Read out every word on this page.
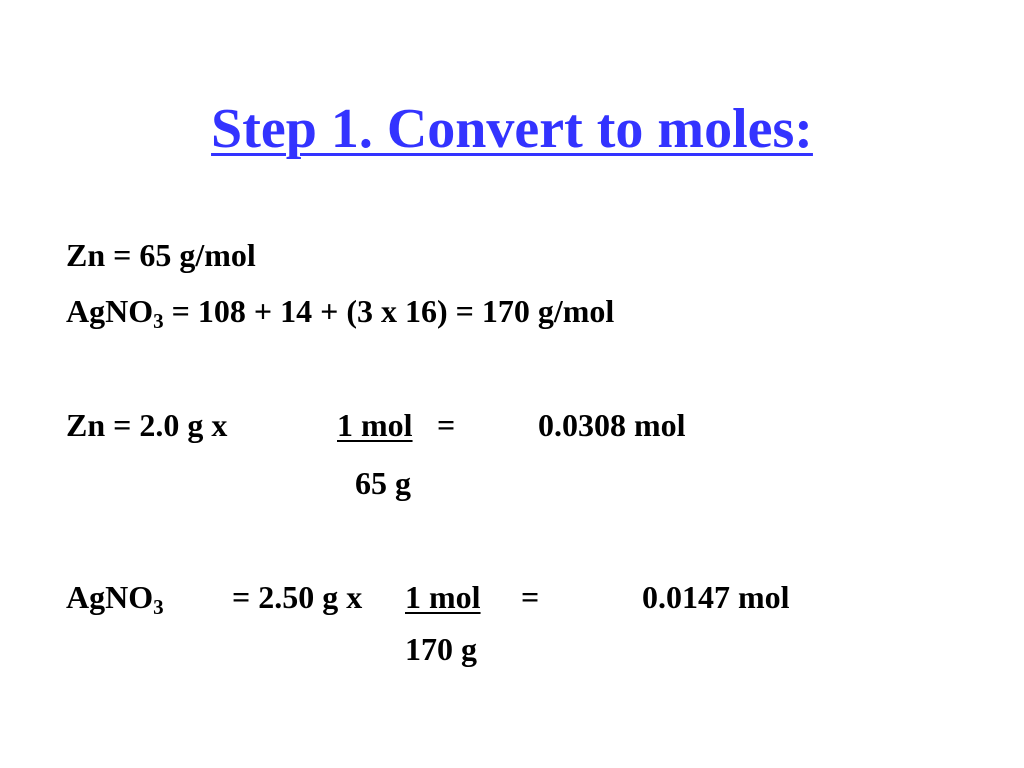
Step 1. Convert to moles:
Zn = 65 g/mol
AgNO$_3$ = 108 + 14 + (3 x 16) = 170 g/mol
Zn = 2.0 g x	1 mol =	0.0308 mol
65 g
AgNO$_3$ = 2.50 g x 1 mol =	0.0147 mol
170 g
